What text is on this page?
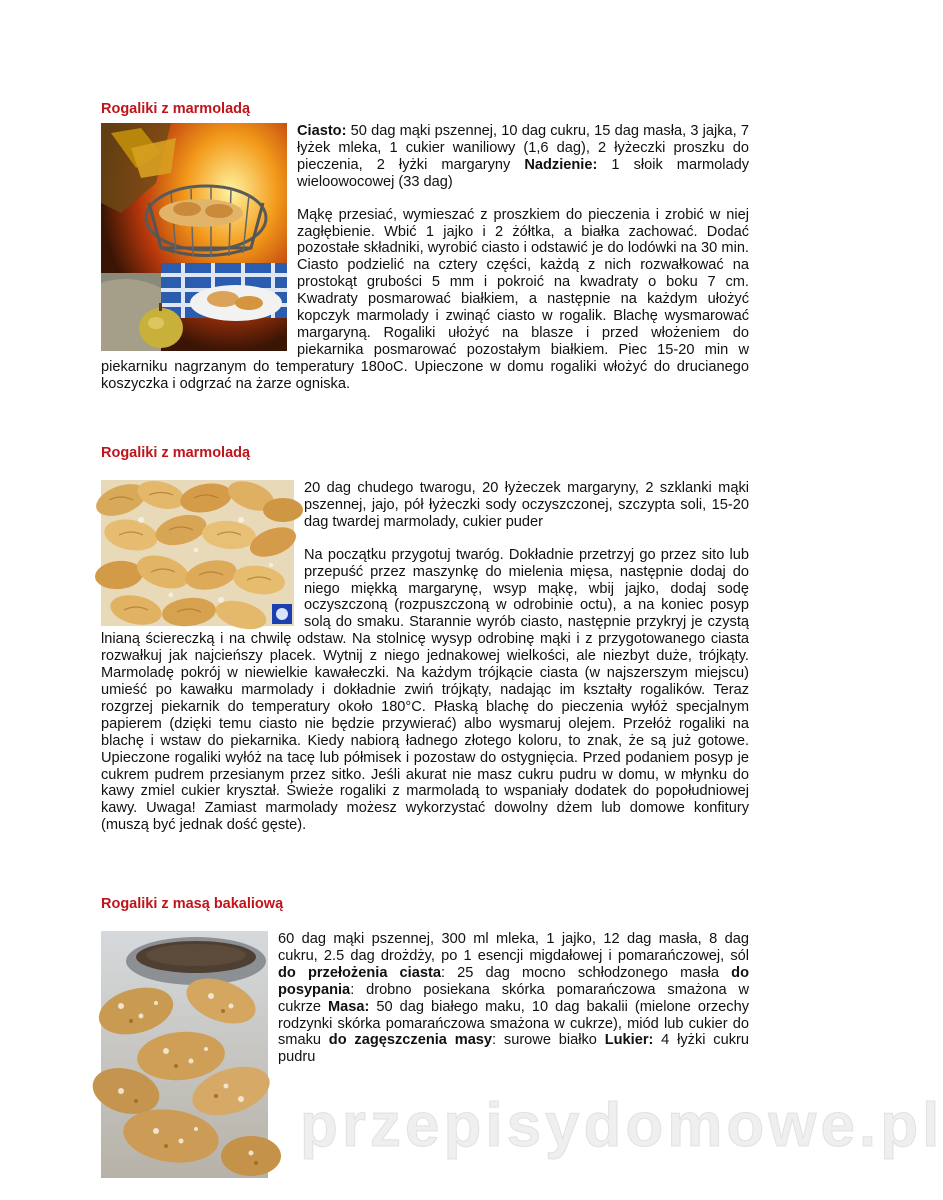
Rogaliki z marmoladą

Ciasto: 50 dag mąki pszennej, 10 dag cukru, 15 dag masła, 3 jajka, 7 łyżek mleka, 1 cukier waniliowy (1,6 dag), 2 łyżeczki proszku do pieczenia, 2 łyżki margaryny Nadzienie: 1 słoik marmolady wieloowocowej (33 dag)

Mąkę przesiać, wymieszać z proszkiem do pieczenia i zrobić w niej zagłębienie. Wbić 1 jajko i 2 żółtka, a białka zachować. Dodać pozostałe składniki, wyrobić ciasto i odstawić je do lodówki na 30 min. Ciasto podzielić na cztery części, każdą z nich rozwałkować na prostokąt grubości 5 mm i pokroić na kwadraty o boku 7 cm. Kwadraty posmarować białkiem, a następnie na każdym ułożyć kopczyk marmolady i zwinąć ciasto w rogalik. Blachę wysmarować margaryną. Rogaliki ułożyć na blasze i przed włożeniem do piekarnika posmarować pozostałym białkiem. Piec 15-20 min w piekarniku nagrzanym do temperatury 180oC. Upieczone w domu rogaliki włożyć do drucianego koszyczka i odgrzać na żarze ogniska.

Rogaliki z marmoladą

20 dag chudego twarogu, 20 łyżeczek margaryny, 2 szklanki mąki pszennej, jajo, pół łyżeczki sody oczyszczonej, szczypta soli, 15-20 dag twardej marmolady, cukier puder

Na początku przygotuj twaróg. Dokładnie przetrzyj go przez sito lub przepuść przez maszynkę do mielenia mięsa, następnie dodaj do niego miękką margarynę, wsyp mąkę, wbij jajko, dodaj sodę oczyszczoną (rozpuszczoną w odrobinie octu), a na koniec posyp solą do smaku. Starannie wyrób ciasto, następnie przykryj je czystą lnianą ściereczką i na chwilę odstaw. Na stolnicę wysyp odrobinę mąki i z przygotowanego ciasta rozwałkuj jak najcieńszy placek. Wytnij z niego jednakowej wielkości, ale niezbyt duże, trójkąty. Marmoladę pokrój w niewielkie kawałeczki. Na każdym trójkącie ciasta (w najszerszym miejscu) umieść po kawałku marmolady i dokładnie zwiń trójkąty, nadając im kształty rogalików. Teraz rozgrzej piekarnik do temperatury około 180°C. Płaską blachę do pieczenia wyłóż specjalnym papierem (dzięki temu ciasto nie będzie przywierać) albo wysmaruj olejem. Przełóż rogaliki na blachę i wstaw do piekarnika. Kiedy nabiorą ładnego złotego koloru, to znak, że są już gotowe. Upieczone rogaliki wyłóż na tacę lub półmisek i pozostaw do ostygnięcia. Przed podaniem posyp je cukrem pudrem przesianym przez sitko. Jeśli akurat nie masz cukru pudru w domu, w młynku do kawy zmiel cukier kryształ. Świeże rogaliki z marmoladą to wspaniały dodatek do popołudniowej kawy. Uwaga! Zamiast marmolady możesz wykorzystać dowolny dżem lub domowe konfitury (muszą być jednak dość gęste).

Rogaliki z masą bakaliową

60 dag mąki pszennej, 300 ml mleka, 1 jajko, 12 dag masła, 8 dag cukru, 2.5 dag drożdży, po 1 esencji migdałowej i pomarańczowej, sól do przełożenia ciasta: 25 dag mocno schłodzonego masła do posypania: drobno posiekana skórka pomarańczowa smażona w cukrze Masa: 50 dag białego maku, 10 dag bakalii (mielone orzechy rodzynki skórka pomarańczowa smażona w cukrze), miód lub cukier do smaku do zagęszczenia masy: surowe białko Lukier: 4 łyżki cukru pudru

przepisydomowe.pl
